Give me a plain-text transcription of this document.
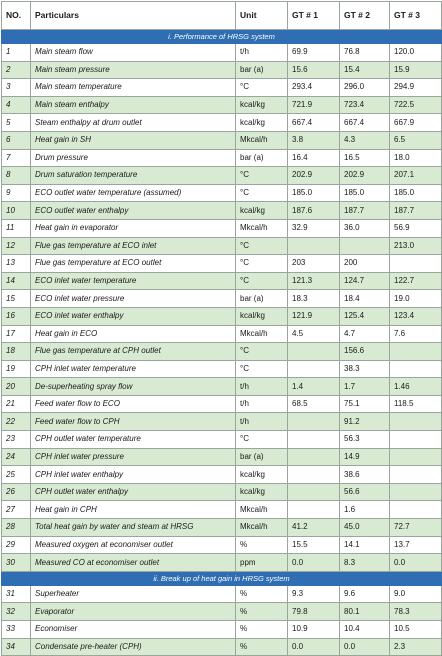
NO.	Particulars	Unit	GT # 1	GT # 2	GT # 3
i. Performance of HRSG system					
1	Main steam flow	t/h	69.9	76.8	120.0
2	Main steam pressure	bar (a)	15.6	15.4	15.9
3	Main steam temperature	°C	293.4	296.0	294.9
4	Main steam enthalpy	kcal/kg	721.9	723.4	722.5
5	Steam enthalpy at drum outlet	kcal/kg	667.4	667.4	667.9
6	Heat gain in SH	Mkcal/h	3.8	4.3	6.5
7	Drum pressure	bar (a)	16.4	16.5	18.0
8	Drum saturation temperature	°C	202.9	202.9	207.1
9	ECO outlet water temperature (assumed)	°C	185.0	185.0	185.0
10	ECO outlet water enthalpy	kcal/kg	187.6	187.7	187.7
11	Heat gain in evaporator	Mkcal/h	32.9	36.0	56.9
12	Flue gas temperature at ECO inlet	°C			213.0
13	Flue gas temperature at ECO outlet	°C	203	200	
14	ECO inlet water temperature	°C	121.3	124.7	122.7
15	ECO inlet water pressure	bar (a)	18.3	18.4	19.0
16	ECO inlet water enthalpy	kcal/kg	121.9	125.4	123.4
17	Heat gain in ECO	Mkcal/h	4.5	4.7	7.6
18	Flue gas temperature at CPH outlet	°C		156.6	
19	CPH inlet water temperature	°C		38.3	
20	De-superheating spray flow	t/h	1.4	1.7	1.46
21	Feed water flow to ECO	t/h	68.5	75.1	118.5
22	Feed water flow to CPH	t/h		91.2	
23	CPH outlet water temperature	°C		56.3	
24	CPH inlet water pressure	bar (a)		14.9	
25	CPH inlet water enthalpy	kcal/kg		38.6	
26	CPH outlet water enthalpy	kcal/kg		56.6	
27	Heat gain in CPH	Mkcal/h		1.6	
28	Total heat gain by water and steam at HRSG	Mkcal/h	41.2	45.0	72.7
29	Measured oxygen at economiser outlet	%	15.5	14.1	13.7
30	Measured CO at economiser outlet	ppm	0.0	8.3	0.0
ii. Break up of heat gain in HRSG system					
31	Superheater	%	9.3	9.6	9.0
32	Evaporator	%	79.8	80.1	78.3
33	Economiser	%	10.9	10.4	10.5
34	Condensate pre-heater (CPH)	%	0.0	0.0	2.3
